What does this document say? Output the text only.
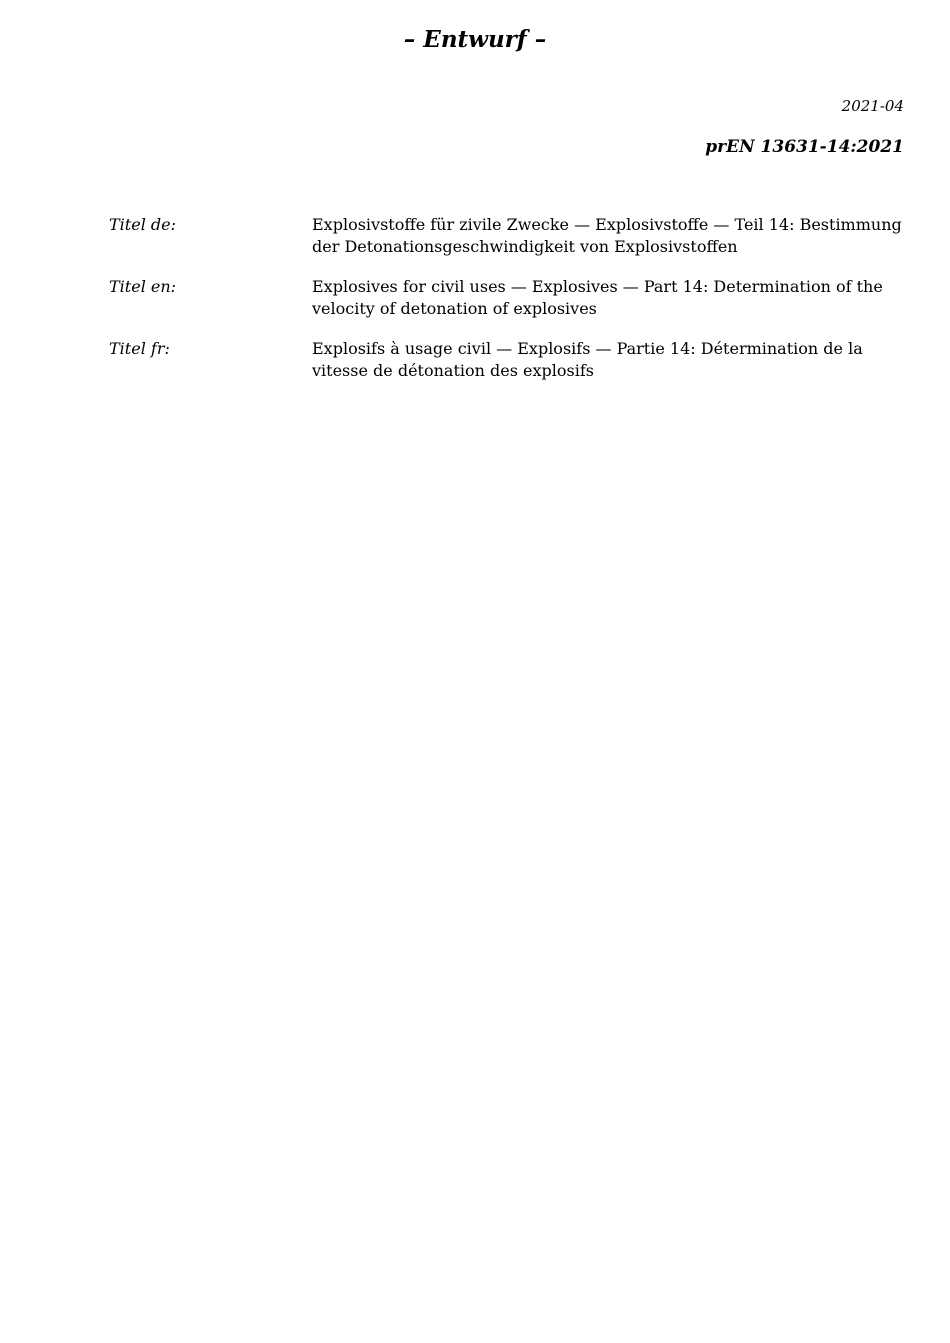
– Entwurf –
2021-04
prEN 13631-14:2021
Titel de:	Explosivstoffe für zivile Zwecke — Explosivstoffe — Teil 14: Bestimmung der Detonationsgeschwindigkeit von Explosivstoffen
Titel en:	Explosives for civil uses — Explosives — Part 14: Determination of the velocity of detonation of explosives
Titel fr:	Explosifs à usage civil — Explosifs — Partie 14: Détermination de la vitesse de détonation des explosifs
